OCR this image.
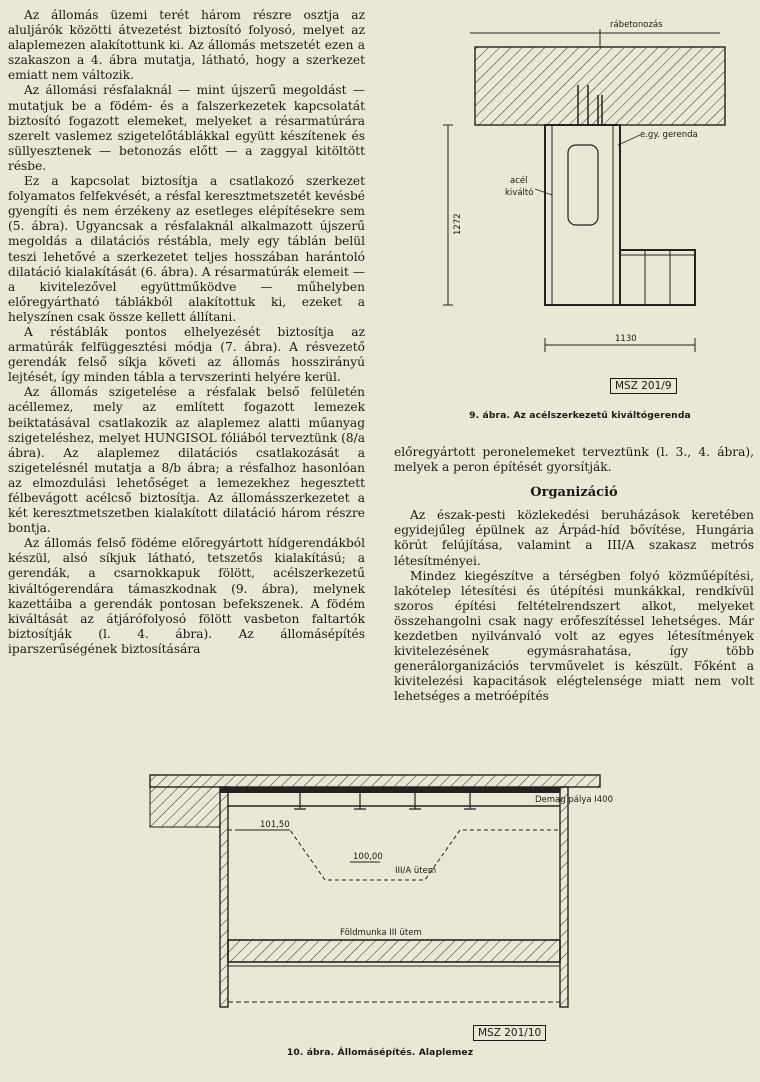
Az állomás üzemi terét három részre osztja az aluljárók közötti átvezetést biztosító folyosó, melyet az alaplemezen alakítottunk ki. Az állomás metszetét ezen a szakaszon a 4. ábra mutatja, látható, hogy a szerkezet emiatt nem változik.

Az állomási résfalaknál — mint újszerű megoldást — mutatjuk be a födém- és a falszerkezetek kapcsolatát biztosító fogazott elemeket, melyeket a résarmatúrára szerelt vaslemez szigetelőtáblákkal együtt készítenek és süllyesztenek — betonozás előtt — a zaggyal kitöltött résbe.

Ez a kapcsolat biztosítja a csatlakozó szerkezet folyamatos felfekvését, a résfal keresztmetszetét kevésbé gyengíti és nem érzékeny az esetleges elépítésekre sem (5. ábra). Ugyancsak a résfalaknál alkalmazott újszerű megoldás a dilatációs réstábla, mely egy táblán belül teszi lehetővé a szerkezetet teljes hosszában harántoló dilatáció kialakítását (6. ábra). A résarmatúrák elemeit — a kivitelezővel együttműködve — műhelyben előregyártható táblákból alakítottuk ki, ezeket a helyszínen csak össze kellett állítani.

A réstáblák pontos elhelyezését biztosítja az armatúrák felfüggesztési módja (7. ábra). A résvezető gerendák felső síkja követi az állomás hosszirányú lejtését, így minden tábla a tervszerinti helyére kerül.

Az állomás szigetelése a résfalak belső felületén acéllemez, mely az említett fogazott lemezek beiktatásával csatlakozik az alaplemez alatti műanyag szigeteléshez, melyet HUNGISOL fóliából terveztünk (8/a ábra). Az alaplemez dilatációs csatlakozását a szigetelésnél mutatja a 8/b ábra; a résfalhoz hasonlóan az elmozdulási lehetőséget a lemezekhez hegesztett félbevágott acélcső biztosítja. Az állomásszerkezetet a két keresztmetszetben kialakított dilatáció három részre bontja.

Az állomás felső födéme előregyártott hídgerendákból készül, alsó síkjuk látható, tetszetős kialakítású; a gerendák, a csarnokkapuk fölött, acélszerkezetű kiváltógerendára támaszkodnak (9. ábra), melynek kazettáiba a gerendák pontosan befekszenek. A födém kiváltását az átjárófolyosó fölött vasbeton faltartók biztosítják (l. 4. ábra). Az állomásépítés iparszerűségének biztosítására

rábetonozás
e.gy. gerenda
acél
kiváltó
1272
1130
MSZ 201/9
9. ábra. Az acélszerkezetű kiváltógerenda

előregyártott peronelemeket terveztünk (l. 3., 4. ábra), melyek a peron építését gyorsítják.

Organizáció

Az észak-pesti közlekedési beruházások keretében egyidejűleg épülnek az Árpád-híd bővítése, Hungária körút felújítása, valamint a III/A szakasz metrós létesítményei.

Mindez kiegészítve a térségben folyó közműépítési, lakótelep létesítési és útépítési munkákkal, rendkívül szoros építési feltételrendszert alkot, melyeket összehangolni csak nagy erőfeszítéssel lehetséges. Már kezdetben nyilvánvaló volt az egyes létesítmények kivitelezésének egymásrahatása, így több generálorganizációs tervművelet is készült. Főként a kivitelezési kapacitások elégtelensége miatt nem volt lehetséges a metróépítés

Demag pálya I400
101,50
100,00
III/A ütem
Földmunka III ütem
MSZ 201/10
10. ábra. Állomásépítés. Alaplemez
